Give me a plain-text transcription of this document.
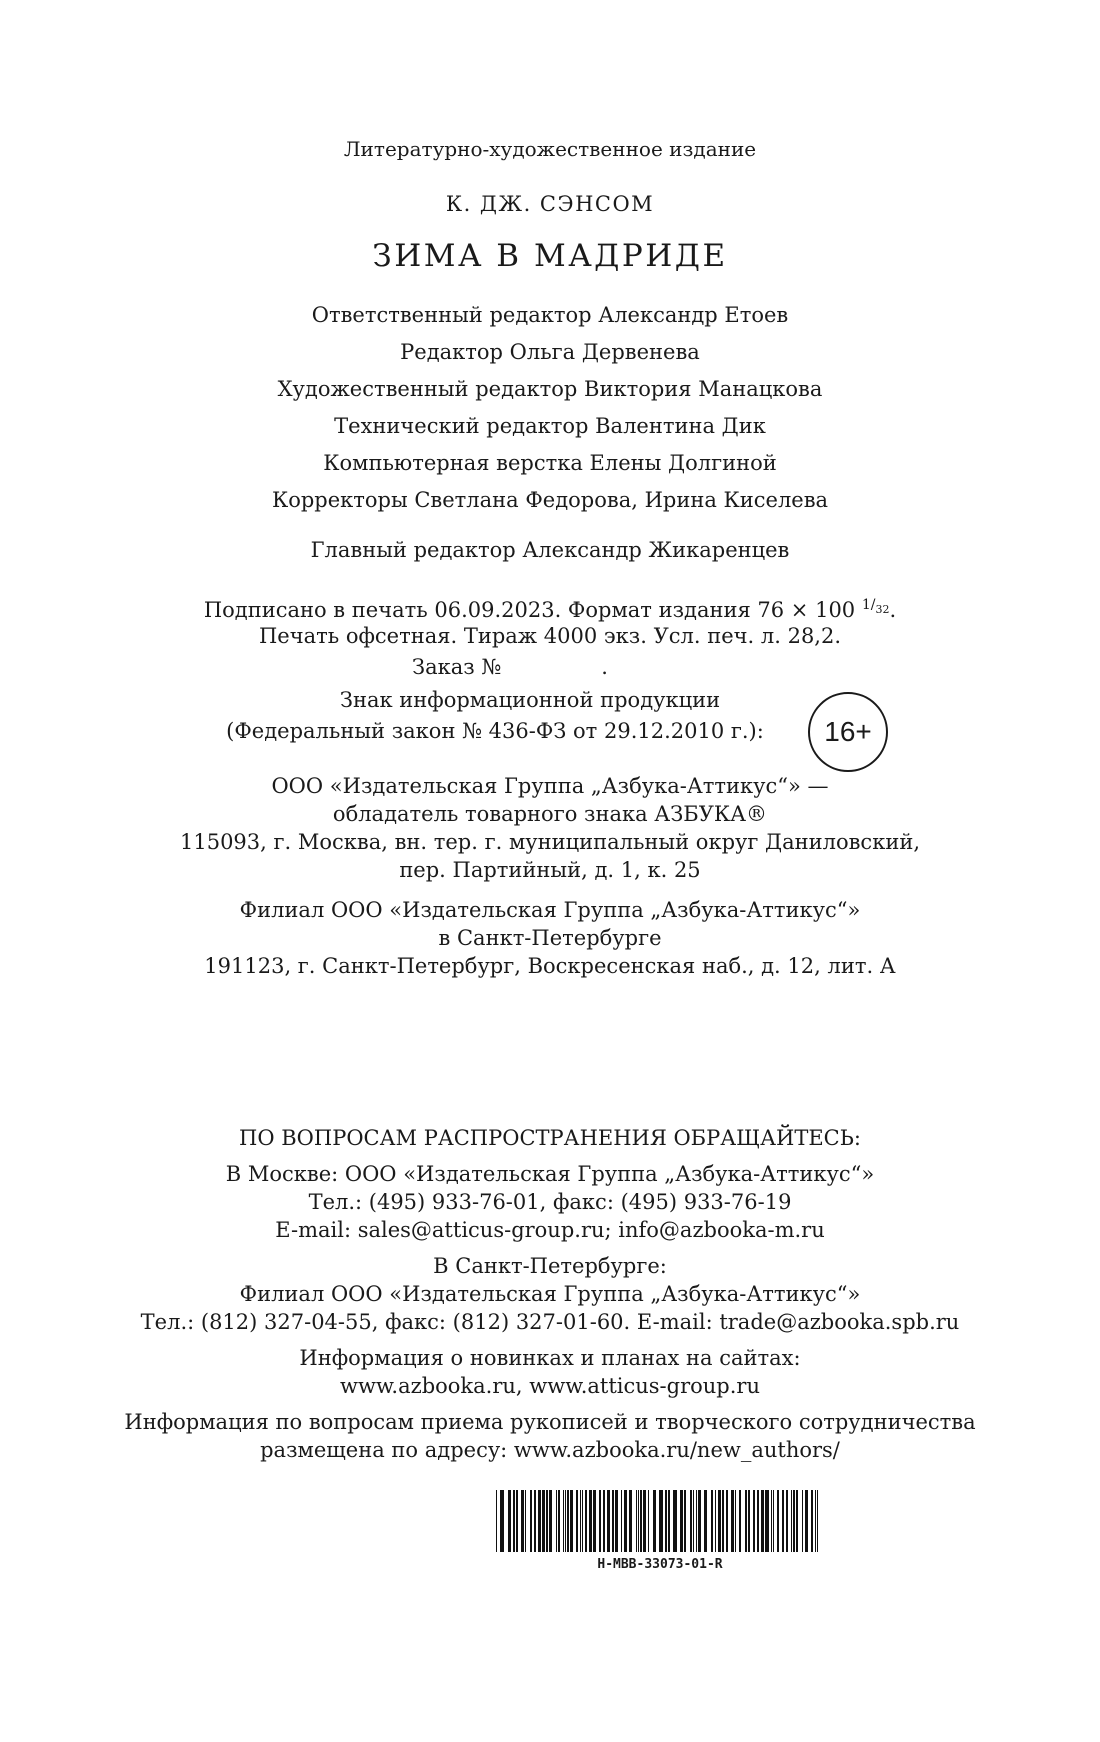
Литературно-художественное издание
К. ДЖ. СЭНСОМ
ЗИМА В МАДРИДЕ
Ответственный редактор Александр Етоев
Редактор Ольга Дервенева
Художественный редактор Виктория Манацкова
Технический редактор Валентина Дик
Компьютерная верстка Елены Долгиной
Корректоры Светлана Федорова, Ирина Киселева
Главный редактор Александр Жикаренцев
Подписано в печать 06.09.2023. Формат издания 76 × 100 $^{1/_{32}}$.
Печать офсетная. Тираж 4000 экз. Усл. печ. л. 28,2.
Заказ №	.
Знак информационной продукции
(Федеральный закон № 436-ФЗ от 29.12.2010 г.):	16+
ООО «Издательская Группа „Азбука-Аттикус“» —
обладатель товарного знака АЗБУКА®
115093, г. Москва, вн. тер. г. муниципальный округ Даниловский,
пер. Партийный, д. 1, к. 25
Филиал ООО «Издательская Группа „Азбука-Аттикус“»
в Санкт-Петербурге
191123, г. Санкт-Петербург, Воскресенская наб., д. 12, лит. А
ПО ВОПРОСАМ РАСПРОСТРАНЕНИЯ ОБРАЩАЙТЕСЬ:
В Москве: ООО «Издательская Группа „Азбука-Аттикус“»
Тел.: (495) 933-76-01, факс: (495) 933-76-19
E-mail: sales@atticus-group.ru; info@azbooka-m.ru
В Санкт-Петербурге:
Филиал ООО «Издательская Группа „Азбука-Аттикус“»
Тел.: (812) 327-04-55, факс: (812) 327-01-60. E-mail: trade@azbooka.spb.ru
Информация о новинках и планах на сайтах:
www.azbooka.ru, www.atticus-group.ru
Информация по вопросам приема рукописей и творческого сотрудничества
размещена по адресу: www.azbooka.ru/new_authors/
H-MBB-33073-01-R
